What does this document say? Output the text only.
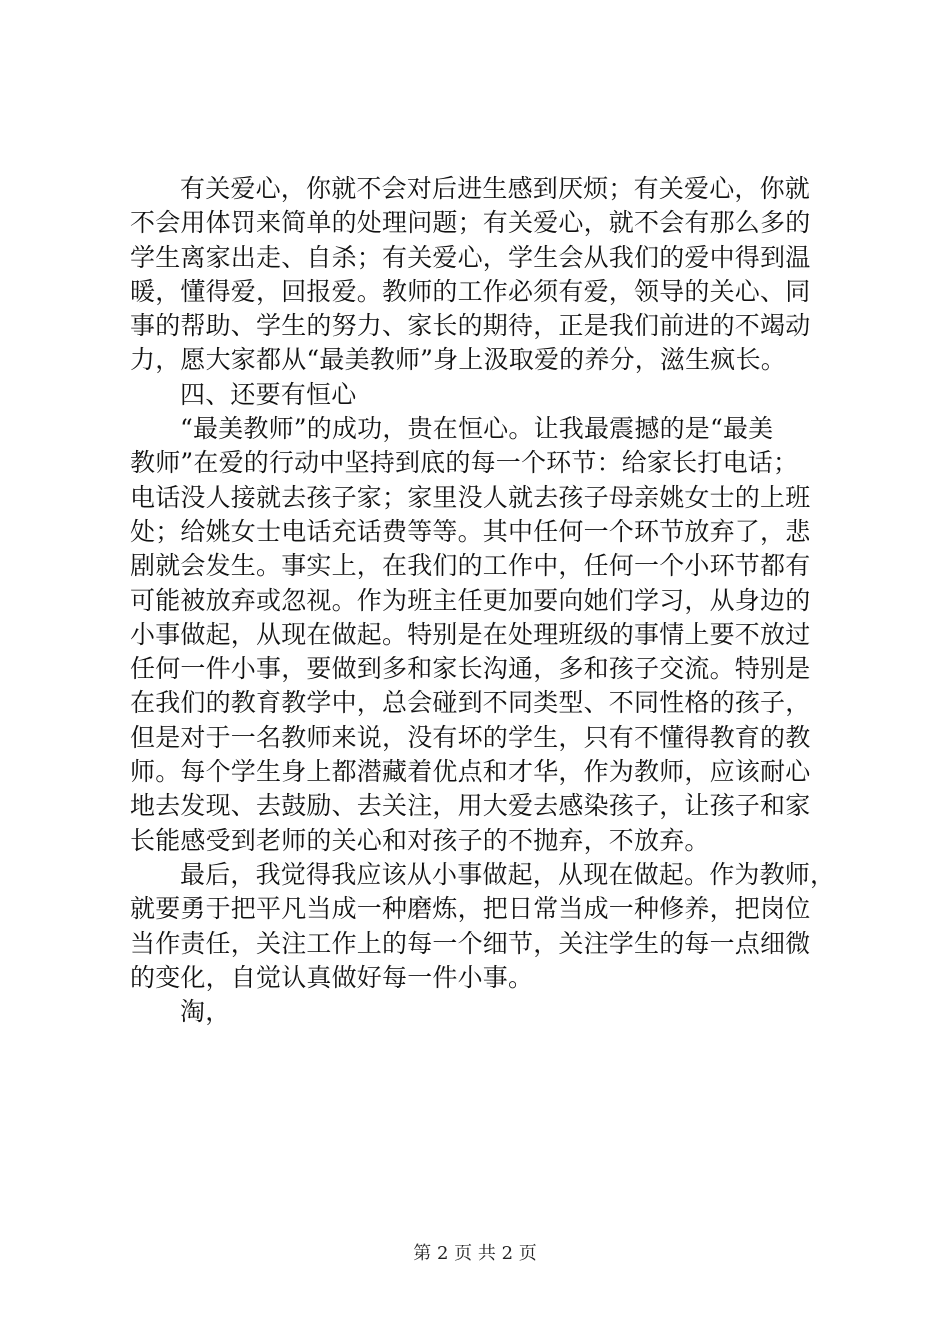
有关爱心，你就不会对后进生感到厌烦；有关爱心，你就
不会用体罚来简单的处理问题；有关爱心，就不会有那么多的
学生离家出走、自杀；有关爱心，学生会从我们的爱中得到温
暖，懂得爱，回报爱。教师的工作必须有爱，领导的关心、同
事的帮助、学生的努力、家长的期待，正是我们前进的不竭动
力，愿大家都从“最美教师”身上汲取爱的养分，滋生疯长。
四、还要有恒心
“最美教师”的成功，贵在恒心。让我最震撼的是“最美
教师”在爱的行动中坚持到底的每一个环节：给家长打电话；
电话没人接就去孩子家；家里没人就去孩子母亲姚女士的上班
处；给姚女士电话充话费等等。其中任何一个环节放弃了，悲
剧就会发生。事实上，在我们的工作中，任何一个小环节都有
可能被放弃或忽视。作为班主任更加要向她们学习，从身边的
小事做起，从现在做起。特别是在处理班级的事情上要不放过
任何一件小事，要做到多和家长沟通，多和孩子交流。特别是
在我们的教育教学中，总会碰到不同类型、不同性格的孩子，
但是对于一名教师来说，没有坏的学生，只有不懂得教育的教
师。每个学生身上都潜藏着优点和才华，作为教师，应该耐心
地去发现、去鼓励、去关注，用大爱去感染孩子，让孩子和家
长能感受到老师的关心和对孩子的不抛弃，不放弃。
最后，我觉得我应该从小事做起，从现在做起。作为教师，
就要勇于把平凡当成一种磨炼，把日常当成一种修养，把岗位
当作责任，关注工作上的每一个细节，关注学生的每一点细微
的变化，自觉认真做好每一件小事。
淘，
第 2 页 共 2 页
